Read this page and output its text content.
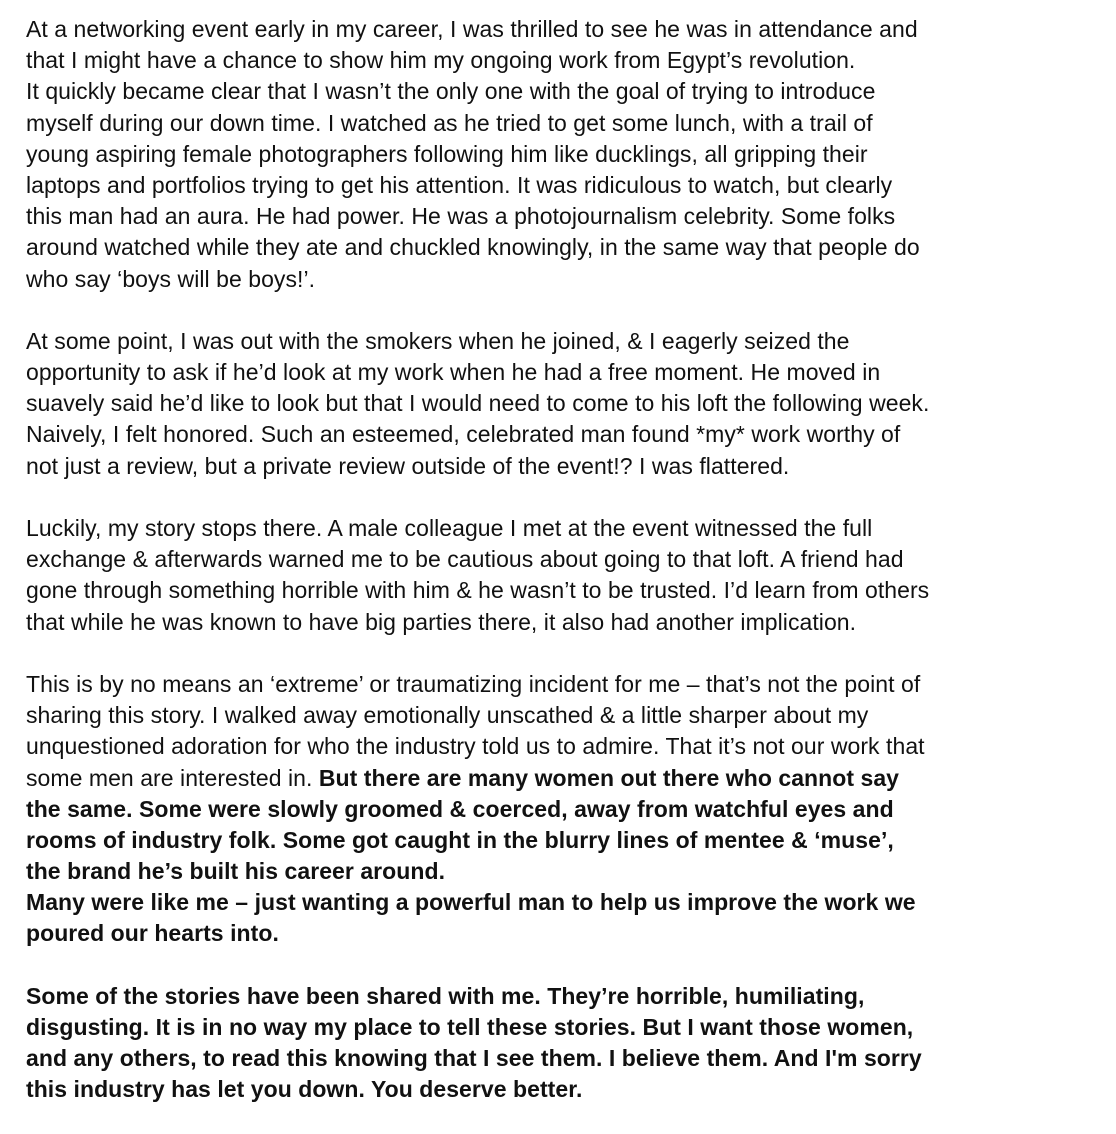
At a networking event early in my career, I was thrilled to see he was in attendance and
that I might have a chance to show him my ongoing work from Egypt’s revolution.
It quickly became clear that I wasn’t the only one with the goal of trying to introduce
myself during our down time. I watched as he tried to get some lunch, with a trail of
young aspiring female photographers following him like ducklings, all gripping their
laptops and portfolios trying to get his attention. It was ridiculous to watch, but clearly
this man had an aura. He had power. He was a photojournalism celebrity. Some folks
around watched while they ate and chuckled knowingly, in the same way that people do
who say ‘boys will be boys!’.
At some point, I was out with the smokers when he joined, & I eagerly seized the
opportunity to ask if he’d look at my work when he had a free moment. He moved in
suavely said he’d like to look but that I would need to come to his loft the following week.
Naively, I felt honored. Such an esteemed, celebrated man found *my* work worthy of
not just a review, but a private review outside of the event!? I was flattered.
Luckily, my story stops there. A male colleague I met at the event witnessed the full
exchange & afterwards warned me to be cautious about going to that loft. A friend had
gone through something horrible with him & he wasn’t to be trusted. I’d learn from others
that while he was known to have big parties there, it also had another implication.
This is by no means an ‘extreme’ or traumatizing incident for me – that’s not the point of
sharing this story. I walked away emotionally unscathed & a little sharper about my
unquestioned adoration for who the industry told us to admire. That it’s not our work that
some men are interested in. But there are many women out there who cannot say
the same. Some were slowly groomed & coerced, away from watchful eyes and
rooms of industry folk. Some got caught in the blurry lines of mentee & ‘muse’,
the brand he’s built his career around.
Many were like me – just wanting a powerful man to help us improve the work we
poured our hearts into.
Some of the stories have been shared with me. They’re horrible, humiliating,
disgusting. It is in no way my place to tell these stories. But I want those women,
and any others, to read this knowing that I see them. I believe them. And I'm sorry
this industry has let you down. You deserve better.
